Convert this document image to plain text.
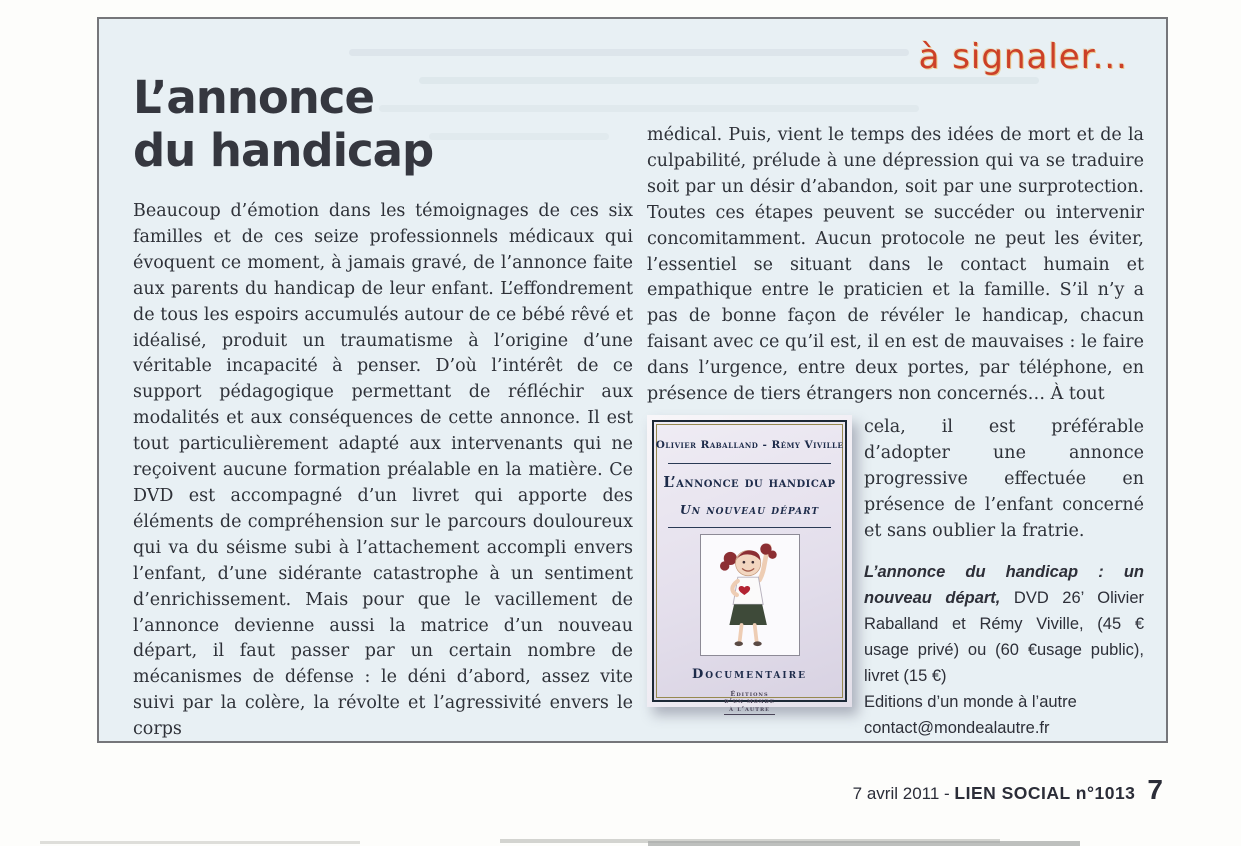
à signaler...
L’annonce
du handicap
Beaucoup d’émotion dans les témoignages de ces six familles et de ces seize professionnels médicaux qui évoquent ce moment, à jamais gravé, de l’annonce faite aux parents du handicap de leur enfant. L’effondrement de tous les espoirs accumulés autour de ce bébé rêvé et idéalisé, produit un traumatisme à l’origine d’une véritable incapacité à penser. D’où l’intérêt de ce support pédagogique permettant de réfléchir aux modalités et aux conséquences de cette annonce. Il est tout particulièrement adapté aux intervenants qui ne reçoivent aucune formation préalable en la matière. Ce DVD est accompagné d’un livret qui apporte des éléments de compréhension sur le parcours douloureux qui va du séisme subi à l’attachement accompli envers l’enfant, d’une sidérante catastrophe à un sentiment d’enrichissement. Mais pour que le vacillement de l’annonce devienne aussi la matrice d’un nouveau départ, il faut passer par un certain nombre de mécanismes de défense : le déni d’abord, assez vite suivi par la colère, la révolte et l’agressivité envers le corps

médical. Puis, vient le temps des idées de mort et de la culpabilité, prélude à une dépression qui va se traduire soit par un désir d’abandon, soit par une surprotection. Toutes ces étapes peuvent se succéder ou intervenir concomitamment. Aucun protocole ne peut les éviter, l’essentiel se situant dans le contact humain et empathique entre le praticien et la famille. S’il n’y a pas de bonne façon de révéler le handicap, chacun faisant avec ce qu’il est, il en est de mauvaises : le faire dans l’urgence, entre deux portes, par téléphone, en présence de tiers étrangers non concernés… À tout

Olivier Raballand - Rémy Viville
L’annonce du handicap
Un nouveau départ
Documentaire
Éditions
d’un monde
à l’autre

cela, il est préférable d’adopter une annonce progressive effectuée en présence de l’enfant concerné et sans oublier la fratrie.

L’annonce du handicap : un nouveau départ, DVD 26’ Olivier Raballand et Rémy Viville, (45 € usage privé) ou (60 €usage public), livret (15 €)
Editions d’un monde à l’autre
contact@mondealautre.fr
7 avril 2011 - LIEN SOCIAL n°1013 7
